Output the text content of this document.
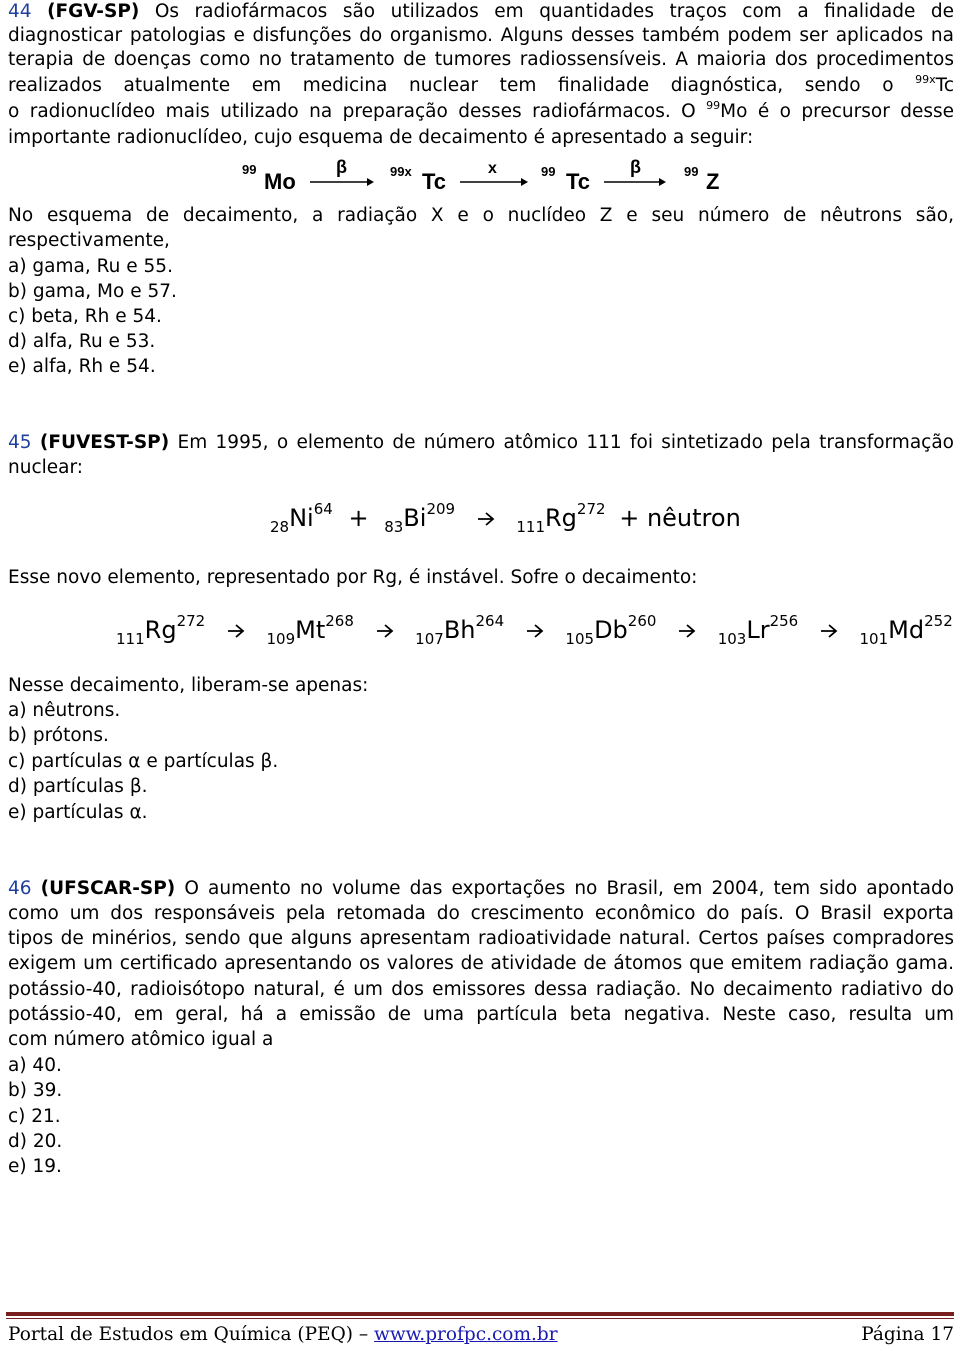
44 (FGV-SP) Os radiofármacos são utilizados em quantidades traços com a finalidade de
diagnosticar patologias e disfunções do organismo. Alguns desses também podem ser aplicados na
terapia de doenças como no tratamento de tumores radiossensíveis. A maioria dos procedimentos
realizados atualmente em medicina nuclear tem finalidade diagnóstica, sendo o $^{99x}$Tc
o radionuclídeo mais utilizado na preparação desses radiofármacos. O $^{99}$Mo é o precursor desse
importante radionuclídeo, cujo esquema de decaimento é apresentado a seguir:
No esquema de decaimento, a radiação X e o nuclídeo Z e seu número de nêutrons são,
respectivamente,
a) gama, Ru e 55.
b) gama, Mo e 57.
c) beta, Rh e 54.
d) alfa, Ru e 53.
e) alfa, Rh e 54.
45 (FUVEST-SP) Em 1995, o elemento de número atômico 111 foi sintetizado pela transformação
nuclear:
$_{28}Ni^{64} + _{83}Bi^{209}$  $_{111}Rg^{272}$ + nêutron
Esse novo elemento, representado por Rg, é instável. Sofre o decaimento:
$_{111}Rg^{272}$  $_{109}Mt^{268}$  $_{107}Bh^{264}$  $_{105}Db^{260}$  $_{103}Lr^{256}$  $_{101}Md^{252}$
Nesse decaimento, liberam-se apenas:
a) nêutrons.
b) prótons.
c) partículas α e partículas β.
d) partículas β.
e) partículas α.
46 (UFSCAR-SP) O aumento no volume das exportações no Brasil, em 2004, tem sido apontado
como um dos responsáveis pela retomada do crescimento econômico do país. O Brasil exporta
tipos de minérios, sendo que alguns apresentam radioatividade natural. Certos países compradores
exigem um certificado apresentando os valores de atividade de átomos que emitem radiação gama.
potássio-40, radioisótopo natural, é um dos emissores dessa radiação. No decaimento radiativo do
potássio-40, em geral, há a emissão de uma partícula beta negativa. Neste caso, resulta um
com número atômico igual a
a) 40.
b) 39.
c) 21.
d) 20.
e) 19.
99 Mo
β	99x Tc
x	99 Tc
β	99 Z
Portal de Estudos em Química (PEQ) – www.profpc.com.br	Página 17
